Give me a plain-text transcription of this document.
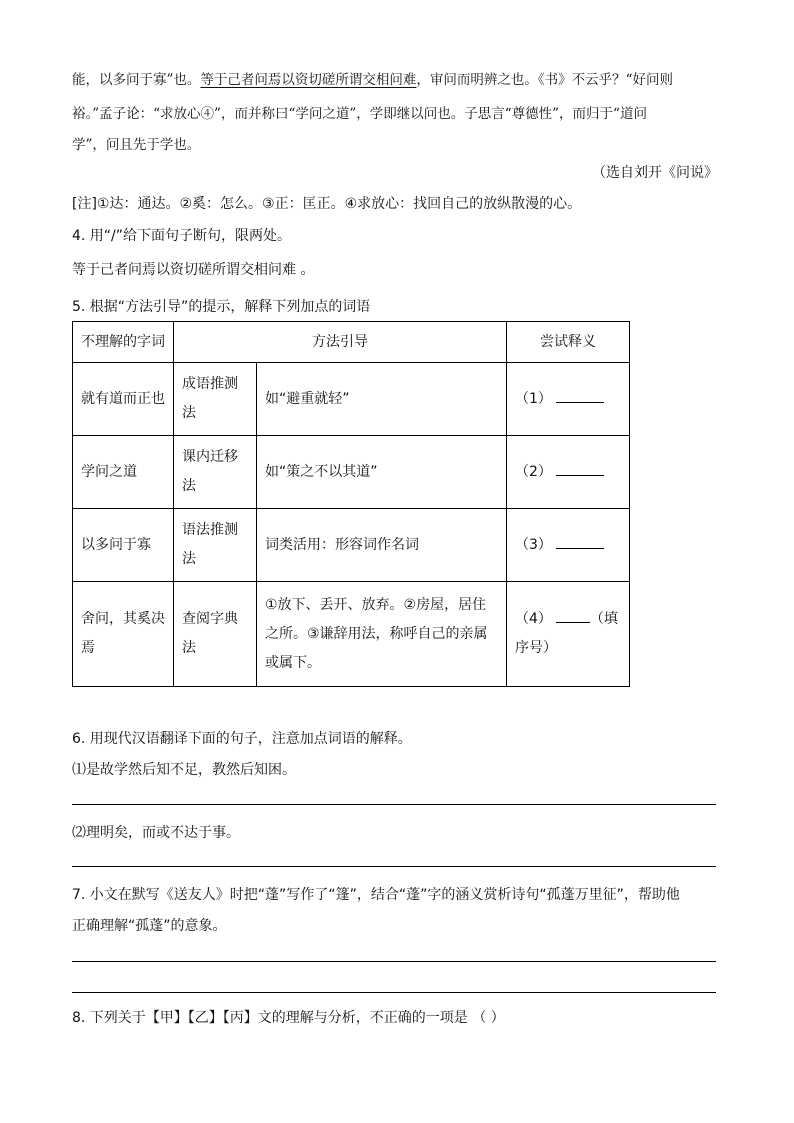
能，以多问于寡”也。等于己者问焉以资切磋所谓交相问难，审问而明辨之也。《书》不云乎？“好问则
裕。”孟子论：“求放心④”，而并称曰“学问之道”，学即继以问也。子思言“尊德性”，而归于“道问
学”，问且先于学也。
（选自刘开《问说》
[注]①达：通达。②奚：怎么。③正：匡正。④求放心：找回自己的放纵散漫的心。
4. 用“/”给下面句子断句，限两处。
等于己者问焉以资切磋所谓交相问难 。
5. 根据“方法引导”的提示，解释下列加点的词语
不理解的字词	方法引导		尝试释义
就有道而正也	成语推测法	如“避重就轻”	（1）
学问之道	课内迁移法	如“策之不以其道”	（2）
以多问于寡	语法推测法	词类活用：形容词作名词	（3）
舍问，其奚决焉	查阅字典法	①放下、丢开、放弃。②房屋，居住之所。③谦辞用法，称呼自己的亲属或属下。	（4） （填序号）
6. 用现代汉语翻译下面的句子，注意加点词语的解释。
⑴是故学然后知不足，教然后知困。
⑵理明矣，而或不达于事。
7. 小文在默写《送友人》时把“蓬”写作了“篷”，结合“蓬”字的涵义赏析诗句“孤蓬万里征”，帮助他
正确理解“孤蓬”的意象。
8. 下列关于【甲】【乙】【丙】文的理解与分析，不正确的一项是 （ ）
